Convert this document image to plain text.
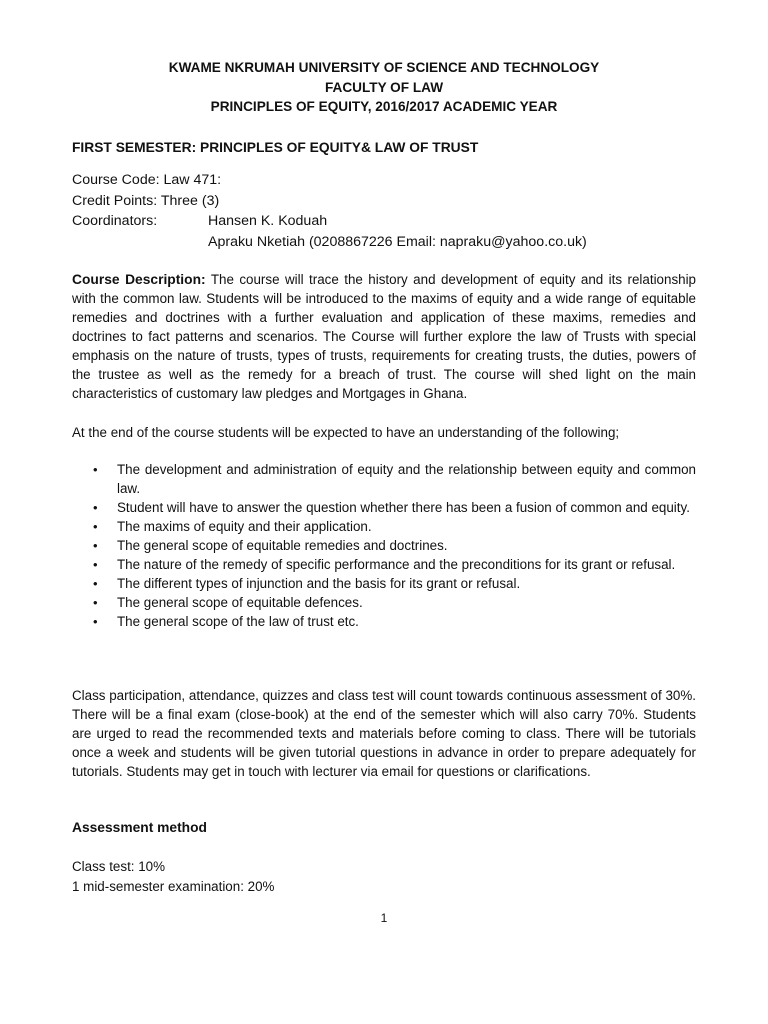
KWAME NKRUMAH UNIVERSITY OF SCIENCE AND TECHNOLOGY
FACULTY OF LAW
PRINCIPLES OF EQUITY, 2016/2017 ACADEMIC YEAR
FIRST SEMESTER: PRINCIPLES OF EQUITY& LAW OF TRUST
Course Code: Law 471:
Credit Points: Three (3)
Coordinators:	Hansen K. Koduah
Apraku Nketiah (0208867226 Email: napraku@yahoo.co.uk)
Course Description: The course will trace the history and development of equity and its relationship with the common law. Students will be introduced to the maxims of equity and a wide range of equitable remedies and doctrines with a further evaluation and application of these maxims, remedies and doctrines to fact patterns and scenarios. The Course will further explore the law of Trusts with special emphasis on the nature of trusts, types of trusts, requirements for creating trusts, the duties, powers of the trustee as well as the remedy for a breach of trust. The course will shed light on the main characteristics of customary law pledges and Mortgages in Ghana.
At the end of the course students will be expected to have an understanding of the following;
• The development and administration of equity and the relationship between equity and common law.
• Student will have to answer the question whether there has been a fusion of common and equity.
• The maxims of equity and their application.
• The general scope of equitable remedies and doctrines.
• The nature of the remedy of specific performance and the preconditions for its grant or refusal.
• The different types of injunction and the basis for its grant or refusal.
• The general scope of equitable defences.
• The general scope of the law of trust etc.
Class participation, attendance, quizzes and class test will count towards continuous assessment of 30%. There will be a final exam (close-book) at the end of the semester which will also carry 70%. Students are urged to read the recommended texts and materials before coming to class. There will be tutorials once a week and students will be given tutorial questions in advance in order to prepare adequately for tutorials. Students may get in touch with lecturer via email for questions or clarifications.
Assessment method
Class test: 10%
1 mid-semester examination: 20%
1
